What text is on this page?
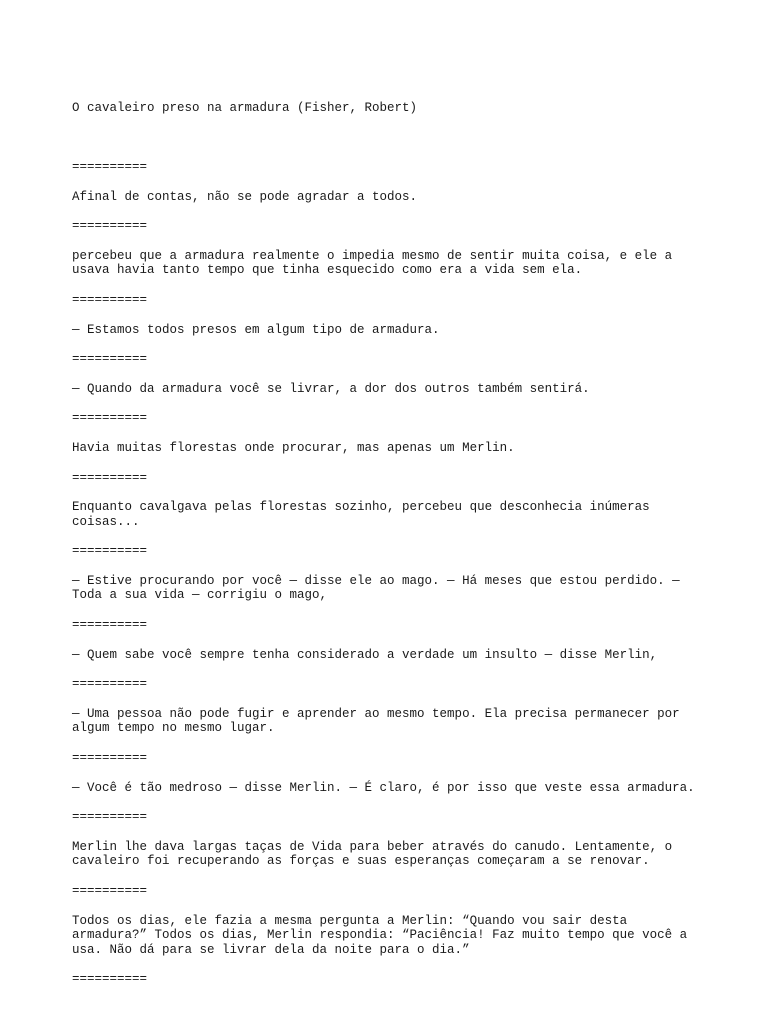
O cavaleiro preso na armadura (Fisher, Robert)

==========
Afinal de contas, não se pode agradar a todos.
==========
percebeu que a armadura realmente o impedia mesmo de sentir muita coisa, e ele a
usava havia tanto tempo que tinha esquecido como era a vida sem ela.
==========
— Estamos todos presos em algum tipo de armadura.
==========
— Quando da armadura você se livrar, a dor dos outros também sentirá.
==========
Havia muitas florestas onde procurar, mas apenas um Merlin.
==========
Enquanto cavalgava pelas florestas sozinho, percebeu que desconhecia inúmeras
coisas...
==========
— Estive procurando por você — disse ele ao mago. — Há meses que estou perdido. —
Toda a sua vida — corrigiu o mago,
==========
— Quem sabe você sempre tenha considerado a verdade um insulto — disse Merlin,
==========
— Uma pessoa não pode fugir e aprender ao mesmo tempo. Ela precisa permanecer por
algum tempo no mesmo lugar.
==========
— Você é tão medroso — disse Merlin. — É claro, é por isso que veste essa armadura.
==========
Merlin lhe dava largas taças de Vida para beber através do canudo. Lentamente, o
cavaleiro foi recuperando as forças e suas esperanças começaram a se renovar.
==========
Todos os dias, ele fazia a mesma pergunta a Merlin: “Quando vou sair desta
armadura?” Todos os dias, Merlin respondia: “Paciência! Faz muito tempo que você a
usa. Não dá para se livrar dela da noite para o dia.”
==========
